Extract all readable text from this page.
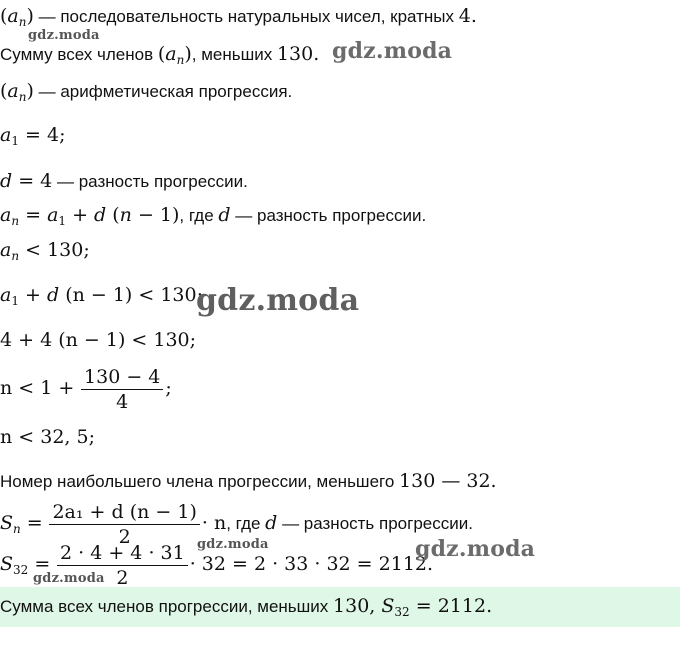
$(a_n)$ — последовательность натуральных чисел, кратных 4.
Сумму всех членов $(a_n)$, меньших 130.
$(a_n)$ — арифметическая прогрессия.
$a_1 = 4$;
d = 4 — разность прогрессии.
$a_n = a_1 + d$ (n − 1), где d — разность прогрессии.
$a_n < 130$;
$a_1 + d$ (n − 1) < 130;
4 + 4 (n − 1) < 130;
$n < 1 + \frac{130 - 4}{4}$ ;
n < 32, 5;
Номер наибольшего члена прогрессии, меньшего 130 — 32.
$S_n = \frac{\text{2a₁ + d (n − 1)}}{2} \cdot n$, где d — разность прогрессии.
$S_{32} = \frac{2 \cdot 4 + 4 \cdot 31}{2} \cdot 32 = 2 \cdot 33 \cdot 32 = 2112$.
Сумма всех членов прогрессии, меньших 130, $S_{32} = 2112$.
gdz.moda
gdz.moda
gdz.moda
gdz.moda	gdz.moda
gdz.moda
